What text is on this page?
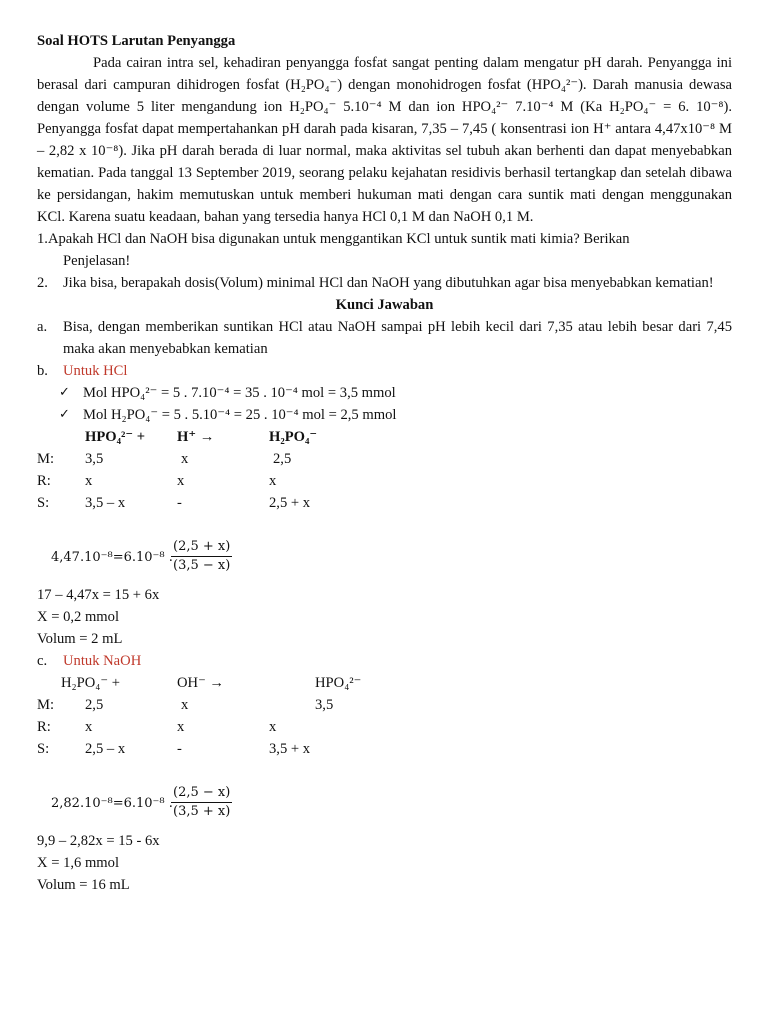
Soal HOTS Larutan Penyangga

Pada cairan intra sel, kehadiran penyangga fosfat sangat penting dalam mengatur pH darah. Penyangga ini berasal dari campuran dihidrogen fosfat (H₂PO₄⁻) dengan monohidrogen fosfat (HPO₄²⁻). Darah manusia dewasa dengan volume 5 liter mengandung ion H₂PO₄⁻ 5.10⁻⁴ M dan ion HPO₄²⁻ 7.10⁻⁴ M (Ka H₂PO₄⁻ = 6. 10⁻⁸). Penyangga fosfat dapat mempertahankan pH darah pada kisaran, 7,35 – 7,45 ( konsentrasi ion H⁺ antara 4,47x10⁻⁸ M – 2,82 x 10⁻⁸). Jika pH darah berada di luar normal, maka aktivitas sel tubuh akan berhenti dan dapat menyebabkan kematian. Pada tanggal 13 September 2019, seorang pelaku kejahatan residivis berhasil tertangkap dan setelah dibawa ke persidangan, hakim memutuskan untuk memberi hukuman mati dengan cara suntik mati dengan menggunakan KCl. Karena suatu keadaan, bahan yang tersedia hanya HCl 0,1 M dan NaOH 0,1 M.

1.Apakah HCl dan NaOH bisa digunakan untuk menggantikan KCl untuk suntik mati kimia? Berikan
Penjelasan!
2.	Jika bisa, berapakah dosis(Volum) minimal HCl dan NaOH yang dibutuhkan agar bisa menyebabkan kematian!
Kunci Jawaban
a.	Bisa, dengan memberikan suntikan HCl atau NaOH sampai pH lebih kecil dari 7,35 atau lebih besar dari 7,45 maka akan menyebabkan kematian
b.	Untuk HCl
✓ Mol HPO₄²⁻ = 5 . 7.10⁻⁴ = 35 . 10⁻⁴ mol = 3,5 mmol
✓ Mol H₂PO₄⁻ = 5 . 5.10⁻⁴ = 25 . 10⁻⁴ mol = 2,5 mmol
HPO₄²⁻ + H⁺ →	H₂PO₄⁻
M: 3,5	x	2,5
R: x	x	x
S: 3,5 – x	-	2,5 + x
4,47.10⁻⁸=6.10⁻⁸ .
$\frac{(2,5 + x)}{(3,5 - x)}$
17 – 4,47x = 15 + 6x
X = 0,2 mmol
Volum = 2 mL
c.	Untuk NaOH
H₂PO₄⁻ +	OH⁻ →	HPO₄²⁻
M: 2,5	x	3,5
R: x	x	x
S: 2,5 – x	-	3,5 + x
2,82.10⁻⁸=6.10⁻⁸ .
$\frac{(2,5 - x)}{(3,5 + x)}$
9,9 – 2,82x = 15 - 6x
X = 1,6 mmol
Volum = 16 mL
